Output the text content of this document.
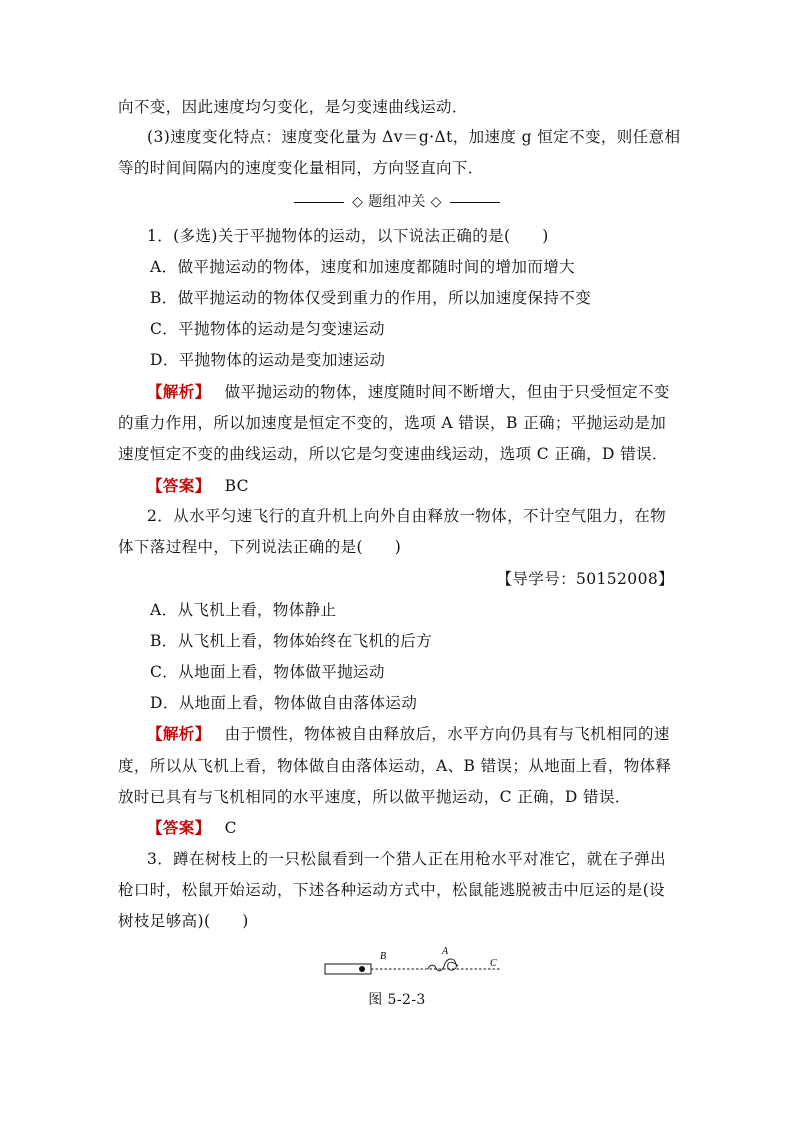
向不变，因此速度均匀变化，是匀变速曲线运动．
(3)速度变化特点：速度变化量为 Δv＝g·Δt，加速度 g 恒定不变，则任意相
等的时间间隔内的速度变化量相同，方向竖直向下．
◇ 题组冲关 ◇
1．(多选)关于平抛物体的运动，以下说法正确的是(　　)
A．做平抛运动的物体，速度和加速度都随时间的增加而增大
B．做平抛运动的物体仅受到重力的作用，所以加速度保持不变
C．平抛物体的运动是匀变速运动
D．平抛物体的运动是变加速运动
【解析】 做平抛运动的物体，速度随时间不断增大，但由于只受恒定不变
的重力作用，所以加速度是恒定不变的，选项 A 错误，B 正确；平抛运动是加
速度恒定不变的曲线运动，所以它是匀变速曲线运动，选项 C 正确，D 错误．
【答案】 BC
2．从水平匀速飞行的直升机上向外自由释放一物体，不计空气阻力，在物
体下落过程中，下列说法正确的是(　　)
【导学号：50152008】
A．从飞机上看，物体静止
B．从飞机上看，物体始终在飞机的后方
C．从地面上看，物体做平抛运动
D．从地面上看，物体做自由落体运动
【解析】 由于惯性，物体被自由释放后，水平方向仍具有与飞机相同的速
度，所以从飞机上看，物体做自由落体运动，A、B 错误；从地面上看，物体释
放时已具有与飞机相同的水平速度，所以做平抛运动，C 正确，D 错误．
【答案】 C
3．蹲在树枝上的一只松鼠看到一个猎人正在用枪水平对准它，就在子弹出
枪口时，松鼠开始运动，下述各种运动方式中，松鼠能逃脱被击中厄运的是(设
树枝足够高)(　　)
B	A
C
图 5-2-3
